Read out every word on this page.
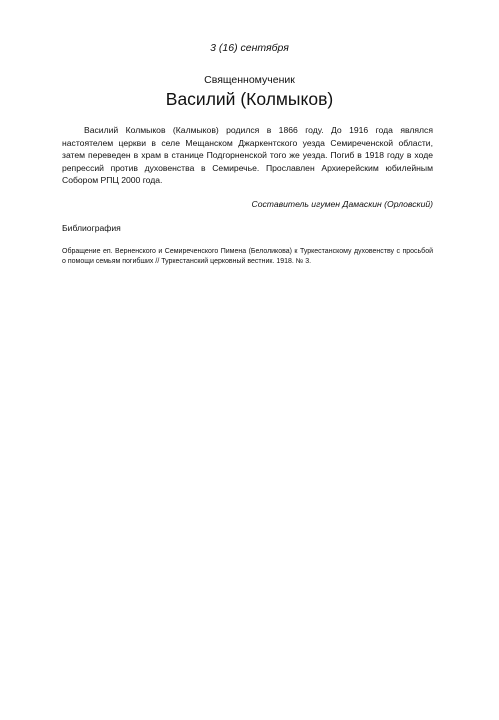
3 (16) сентября
Священномученик
Василий (Колмыков)

Василий Колмыков (Калмыков) родился в 1866 году. До 1916 года являлся настоятелем церкви в селе Мещанском Джаркентского уезда Семиреченской области, затем переведен в храм в станице Подгорненской того же уезда. Погиб в 1918 году в ходе репрессий против духовенства в Семиречье. Прославлен Архиерейским юбилейным Собором РПЦ 2000 года.

Составитель игумен Дамаскин (Орловский)
Библиография
Обращение еп. Верненского и Семиреченского Пимена (Белоликова) к Туркестанскому духовенству с просьбой о помощи семьям погибших // Туркестанский церковный вестник. 1918. № 3.
